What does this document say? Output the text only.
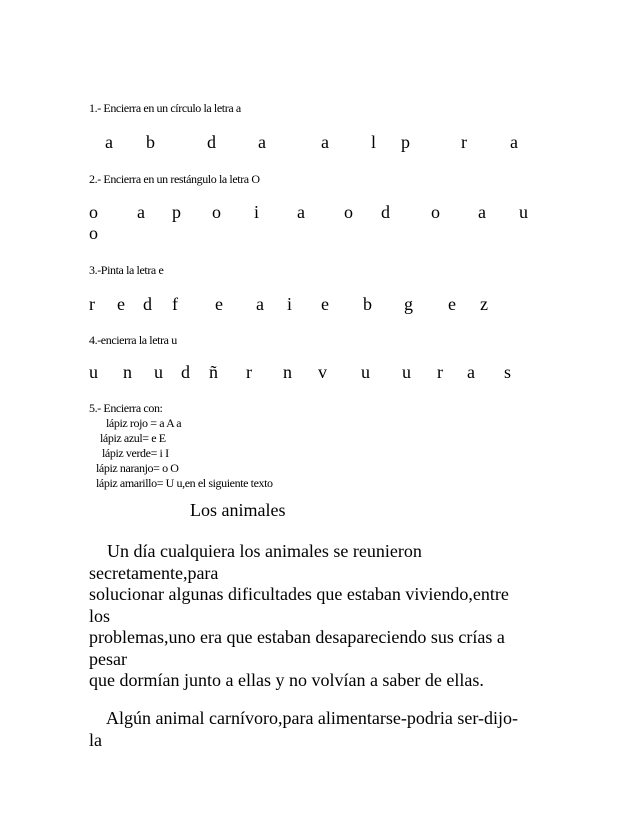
1.- Encierra en un círculo la letra a
a b	d a	a l p	r a
2.- Encierra en un restángulo la letra O
o a p o i a o d o a u
o
3.-Pinta la letra e
r e d f e a i e b g e z
4.-encierra la letra u
u n u d ñ r n v u u r a s
5.- Encierra con:
lápiz rojo = a A a
lápiz azul= e E
lápiz verde= i I
lápiz naranjo= o O
lápiz amarillo= U u,en el siguiente texto
Los animales
Un día cualquiera los animales se reunieron
secretamente,para
solucionar algunas dificultades que estaban viviendo,entre
los
problemas,uno era que estaban desapareciendo sus crías a
pesar
que dormían junto a ellas y no volvían a saber de ellas.
Algún animal carnívoro,para alimentarse-podria ser-dijo-
la
